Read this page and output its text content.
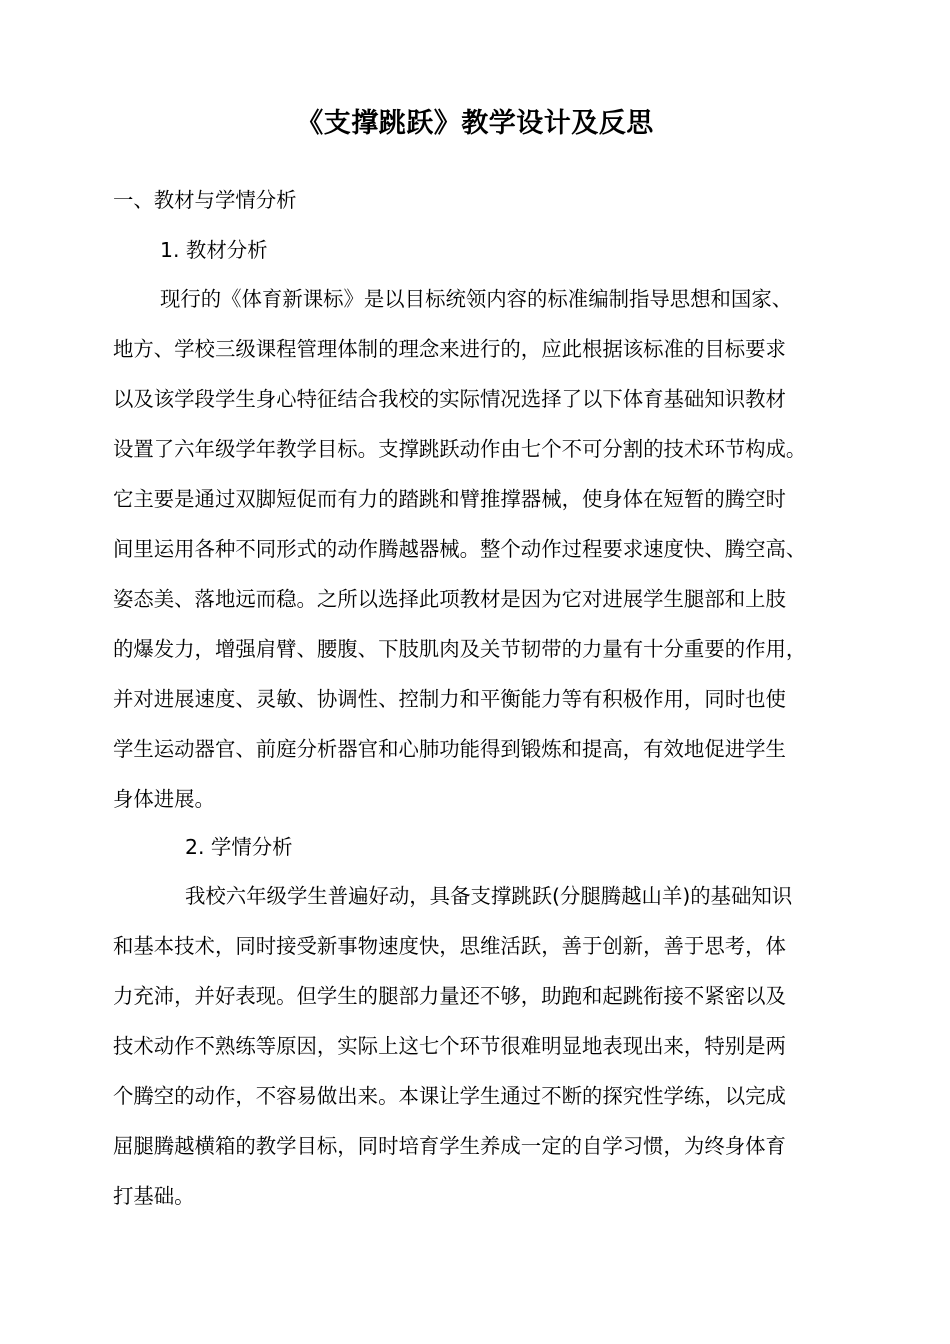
《支撑跳跃》教学设计及反思
一、教材与学情分析
1. 教材分析
现行的《体育新课标》是以目标统领内容的标准编制指导思想和国家、
地方、学校三级课程管理体制的理念来进行的，应此根据该标准的目标要求
以及该学段学生身心特征结合我校的实际情况选择了以下体育基础知识教材
设置了六年级学年教学目标。支撑跳跃动作由七个不可分割的技术环节构成。
它主要是通过双脚短促而有力的踏跳和臂推撑器械，使身体在短暂的腾空时
间里运用各种不同形式的动作腾越器械。整个动作过程要求速度快、腾空高、
姿态美、落地远而稳。之所以选择此项教材是因为它对进展学生腿部和上肢
的爆发力，增强肩臂、腰腹、下肢肌肉及关节韧带的力量有十分重要的作用，
并对进展速度、灵敏、协调性、控制力和平衡能力等有积极作用，同时也使
学生运动器官、前庭分析器官和心肺功能得到锻炼和提高，有效地促进学生
身体进展。
2. 学情分析
我校六年级学生普遍好动，具备支撑跳跃(分腿腾越山羊)的基础知识
和基本技术，同时接受新事物速度快，思维活跃，善于创新，善于思考，体
力充沛，并好表现。但学生的腿部力量还不够，助跑和起跳衔接不紧密以及
技术动作不熟练等原因，实际上这七个环节很难明显地表现出来，特别是两
个腾空的动作，不容易做出来。本课让学生通过不断的探究性学练，以完成
屈腿腾越横箱的教学目标，同时培育学生养成一定的自学习惯，为终身体育
打基础。
